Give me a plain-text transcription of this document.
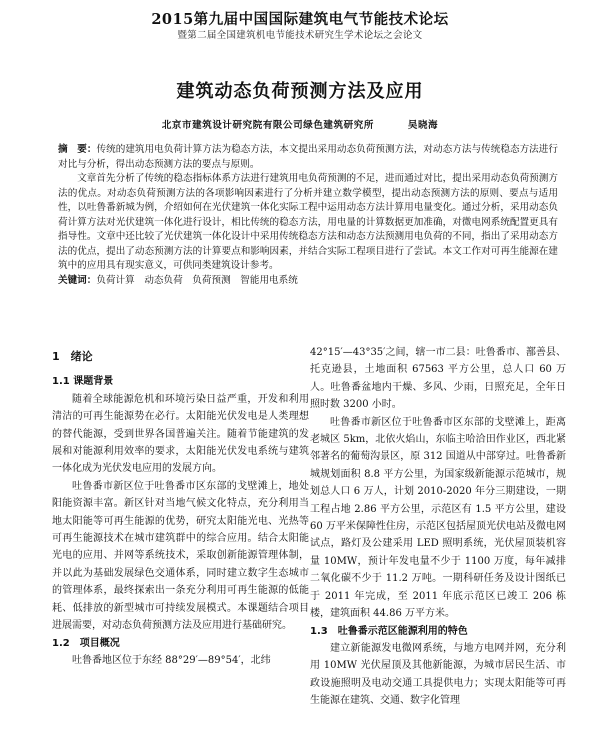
2015第九届中国国际建筑电气节能技术论坛
暨第二届全国建筑机电节能技术研究生学术论坛之会论文
建筑动态负荷预测方法及应用
北京市建筑设计研究院有限公司绿色建筑研究所	吴晓海

摘　要：传统的建筑用电负荷计算方法为稳态方法，本文提出采用动态负荷预测方法，对动态方法与传统稳态方法进行对比与分析，得出动态预测方法的要点与原则。

文章首先分析了传统的稳态指标体系方法进行建筑用电负荷预测的不足，进而通过对比，提出采用动态负荷预测方法的优点。对动态负荷预测方法的各项影响因素进行了分析并建立数学模型，提出动态预测方法的原则、要点与适用性，以吐鲁番新城为例，介绍如何在光伏建筑一体化实际工程中运用动态方法计算用电量变化。通过分析，采用动态负荷计算方法对光伏建筑一体化进行设计，相比传统的稳态方法，用电量的计算数据更加准确，对微电网系统配置更具有指导性。文章中还比较了光伏建筑一体化设计中采用传统稳态方法和动态方法预测用电负荷的不同，指出了采用动态方法的优点，提出了动态预测方法的计算要点和影响因素，并结合实际工程项目进行了尝试。本文工作对可再生能源在建筑中的应用具有现实意义，可供同类建筑设计参考。

关键词：负荷计算　动态负荷　负荷预测　智能用电系统

1　绪论

1.1 课题背景

随着全球能源危机和环境污染日益严重，开发和利用清洁的可再生能源势在必行。太阳能光伏发电是人类理想的替代能源，受到世界各国普遍关注。随着节能建筑的发展和对能源利用效率的要求，太阳能光伏发电系统与建筑一体化成为光伏发电应用的发展方向。

吐鲁番市新区位于吐鲁番市区东部的戈壁滩上，地处阳能资源丰富。新区针对当地气候文化特点，充分利用当地太阳能等可再生能源的优势，研究太阳能光电、光热等可再生能源技术在城市建筑群中的综合应用。结合太阳能光电的应用、并网等系统技术，采取创新能源管理体制，并以此为基础发展绿色交通体系，同时建立数字生态城市的管理体系，最终探索出一条充分利用可再生能源的低能耗、低排放的新型城市可持续发展模式。本课题结合项目进展需要，对动态负荷预测方法及应用进行基础研究。

1.2　项目概况

吐鲁番地区位于东经 88°29′—89°54′，北纬

42°15′—43°35′之间，辖一市二县：吐鲁番市、鄯善县、托克逊县，土地面积 67563 平方公里，总人口 60 万人。吐鲁番盆地内干燥、多风、少雨，日照充足，全年日照时数 3200 小时。

吐鲁番市新区位于吐鲁番市区东部的戈壁滩上，距离老城区 5km，北依火焰山，东临主哈洽田作业区，西北紧邻著名的葡萄沟景区，原 312 国道从中部穿过。吐鲁番新城规划面积 8.8 平方公里，为国家级新能源示范城市，规划总人口 6 万人，计划 2010-2020 年分三期建设，一期工程占地 2.86 平方公里，示范区有 1.5 平方公里，建设 60 万平米保障性住房，示范区包括屋顶光伏电站及微电网试点，路灯及公建采用 LED 照明系统，光伏屋顶装机容量 10MW，预计年发电量不少于 1100 万度，每年减排二氧化碳不少于 11.2 万吨。一期科研任务及设计图纸已于 2011 年完成，至 2011 年底示范区已竣工 206 栋楼，建筑面积 44.86 万平方米。

1.3　吐鲁番示范区能源利用的特色

建立新能源发电微网系统，与地方电网并网，充分利用 10MW 光伏屋顶及其他新能源，为城市居民生活、市政设施照明及电动交通工具提供电力；实现太阳能等可再生能源在建筑、交通、数字化管理
